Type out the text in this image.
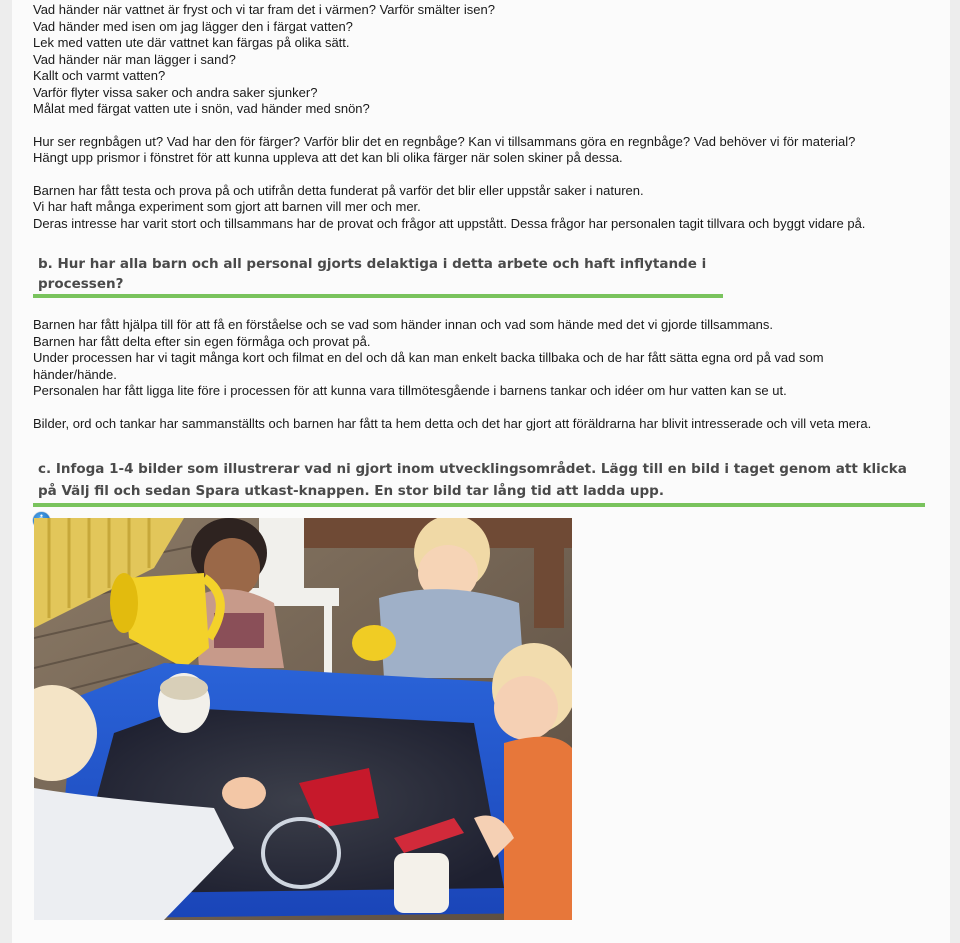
Vad händer när vattnet är fryst och vi tar fram det i värmen? Varför smälter isen?

Vad händer med isen om jag lägger den i färgat vatten?

Lek med vatten ute där vattnet kan färgas på olika sätt.

Vad händer när man lägger i sand?

Kallt och varmt vatten?

Varför flyter vissa saker och andra saker sjunker?

Målat med färgat vatten ute i snön, vad händer med snön?

Hur ser regnbågen ut? Vad har den för färger? Varför blir det en regnbåge? Kan vi tillsammans göra en regnbåge? Vad behöver vi för material?

Hängt upp prismor i fönstret för att kunna uppleva att det kan bli olika färger när solen skiner på dessa.

Barnen har fått testa och prova på och utifrån detta funderat på varför det blir eller uppstår saker i naturen.

Vi har haft många experiment som gjort att barnen vill mer och mer.

Deras intresse har varit stort och tillsammans har de provat och frågor att uppstått. Dessa frågor har personalen tagit tillvara och byggt vidare på.

b. Hur har alla barn och all personal gjorts delaktiga i detta arbete och haft inflytande i processen?

Barnen har fått hjälpa till för att få en förståelse och se vad som händer innan och vad som hände med det vi gjorde tillsammans.

Barnen har fått delta efter sin egen förmåga och provat på.

Under processen har vi tagit många kort och filmat en del och då kan man enkelt backa tillbaka och de har fått sätta egna ord på vad som händer/hände.

Personalen har fått ligga lite före i processen för att kunna vara tillmötesgående i barnens tankar och idéer om hur vatten kan se ut.

Bilder, ord och tankar har sammanställts och barnen har fått ta hem detta och det har gjort att föräldrarna har blivit intresserade och vill veta mera.

c. Infoga 1-4 bilder som illustrerar vad ni gjort inom utvecklingsområdet. Lägg till en bild i taget genom att klicka på Välj fil och sedan Spara utkast-knappen. En stor bild tar lång tid att ladda upp.
